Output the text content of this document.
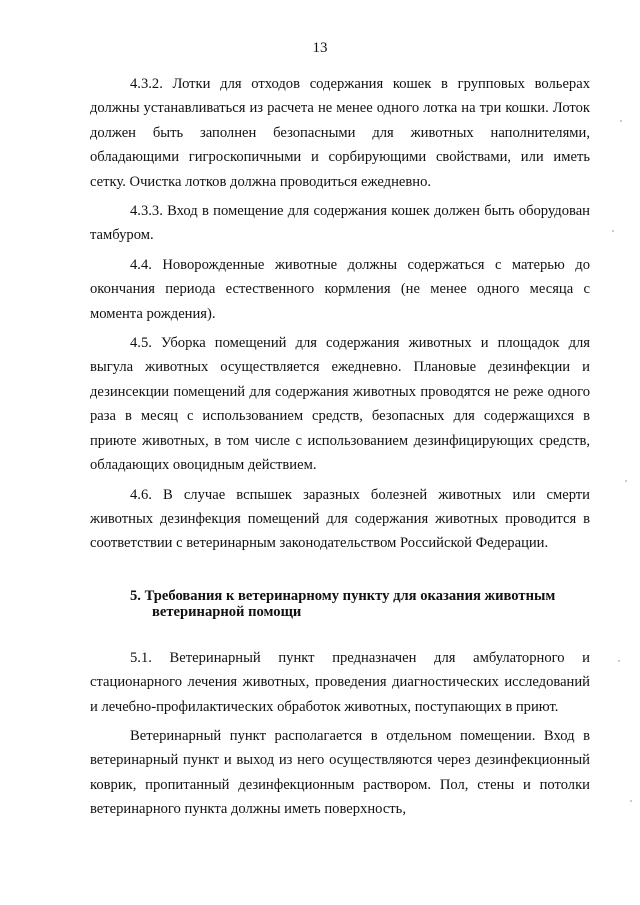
13

4.3.2. Лотки для отходов содержания кошек в групповых вольерах должны устанавливаться из расчета не менее одного лотка на три кошки. Лоток должен быть заполнен безопасными для животных наполнителями, обладающими гигроскопичными и сорбирующими свойствами, или иметь сетку. Очистка лотков должна проводиться ежедневно.

4.3.3. Вход в помещение для содержания кошек должен быть оборудован тамбуром.

4.4. Новорожденные животные должны содержаться с матерью до окончания периода естественного кормления (не менее одного месяца с момента рождения).

4.5. Уборка помещений для содержания животных и площадок для выгула животных осуществляется ежедневно. Плановые дезинфекции и дезинсекции помещений для содержания животных проводятся не реже одного раза в месяц с использованием средств, безопасных для содержащихся в приюте животных, в том числе с использованием дезинфицирующих средств, обладающих овоцидным действием.

4.6. В случае вспышек заразных болезней животных или смерти животных дезинфекция помещений для содержания животных проводится в соответствии с ветеринарным законодательством Российской Федерации.

5. Требования к ветеринарному пункту для оказания животным
ветеринарной помощи

5.1. Ветеринарный пункт предназначен для амбулаторного и стационарного лечения животных, проведения диагностических исследований и лечебно-профилактических обработок животных, поступающих в приют.

Ветеринарный пункт располагается в отдельном помещении. Вход в ветеринарный пункт и выход из него осуществляются через дезинфекционный коврик, пропитанный дезинфекционным раствором. Пол, стены и потолки ветеринарного пункта должны иметь поверхность,
